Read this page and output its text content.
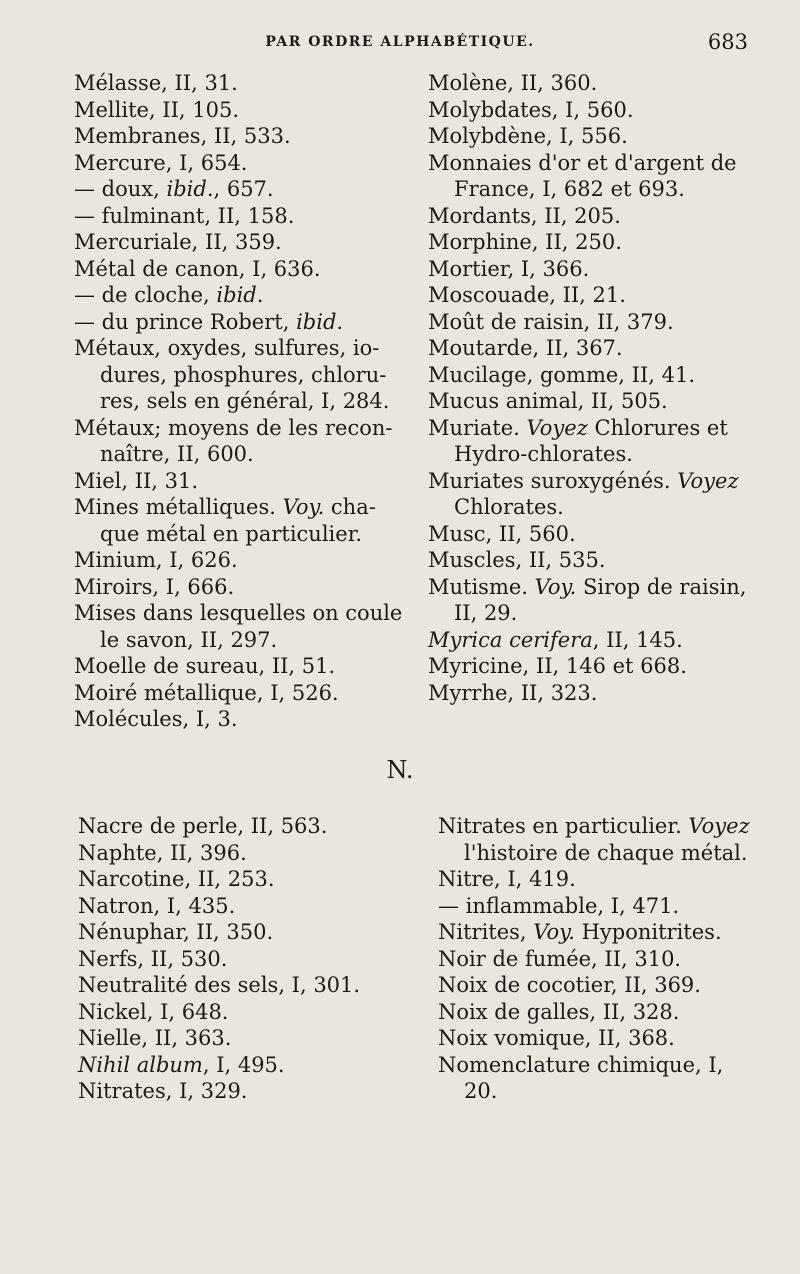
PAR ORDRE ALPHABÉTIQUE.	683
Mélasse, II, 31.
Mellite, II, 105.
Membranes, II, 533.
Mercure, I, 654.
— doux, ibid., 657.
— fulminant, II, 158.
Mercuriale, II, 359.
Métal de canon, I, 636.
— de cloche, ibid.
— du prince Robert, ibid.
Métaux, oxydes, sulfures, io-
dures, phosphures, chloru-
res, sels en général, I, 284.
Métaux; moyens de les recon-
naître, II, 600.
Miel, II, 31.
Mines métalliques. Voy. cha-
que métal en particulier.
Minium, I, 626.
Miroirs, I, 666.
Mises dans lesquelles on coule
le savon, II, 297.
Moelle de sureau, II, 51.
Moiré métallique, I, 526.
Molécules, I, 3.
Molène, II, 360.
Molybdates, I, 560.
Molybdène, I, 556.
Monnaies d'or et d'argent de
France, I, 682 et 693.
Mordants, II, 205.
Morphine, II, 250.
Mortier, I, 366.
Moscouade, II, 21.
Moût de raisin, II, 379.
Moutarde, II, 367.
Mucilage, gomme, II, 41.
Mucus animal, II, 505.
Muriate. Voyez Chlorures et
Hydro-chlorates.
Muriates suroxygénés. Voyez
Chlorates.
Musc, II, 560.
Muscles, II, 535.
Mutisme. Voy. Sirop de raisin,
II, 29.
Myrica cerifera, II, 145.
Myricine, II, 146 et 668.
Myrrhe, II, 323.
N.
Nacre de perle, II, 563.
Naphte, II, 396.
Narcotine, II, 253.
Natron, I, 435.
Nénuphar, II, 350.
Nerfs, II, 530.
Neutralité des sels, I, 301.
Nickel, I, 648.
Nielle, II, 363.
Nihil album, I, 495.
Nitrates, I, 329.
Nitrates en particulier. Voyez
l'histoire de chaque métal.
Nitre, I, 419.
— inflammable, I, 471.
Nitrites, Voy. Hyponitrites.
Noir de fumée, II, 310.
Noix de cocotier, II, 369.
Noix de galles, II, 328.
Noix vomique, II, 368.
Nomenclature chimique, I,
20.
